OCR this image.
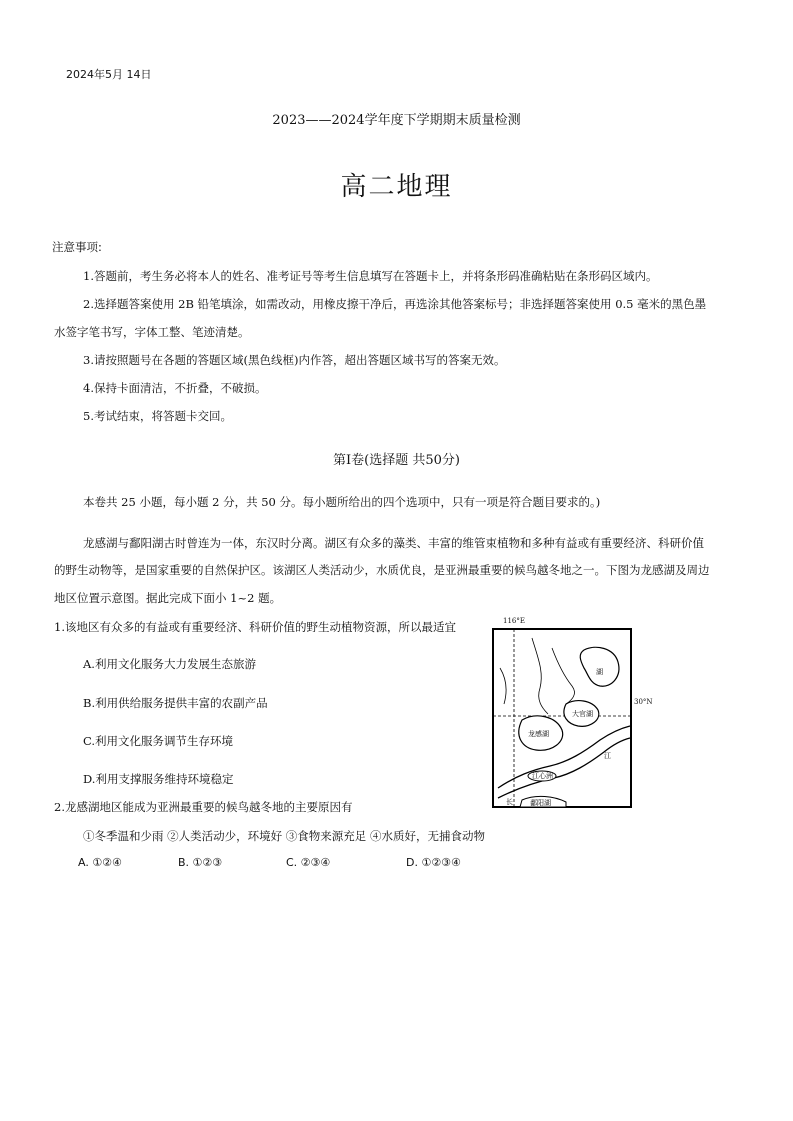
2024年5月 14日
2023——2024学年度下学期期末质量检测
高二地理
注意事项:
1.答题前，考生务必将本人的姓名、准考证号等考生信息填写在答题卡上，并将条形码准确粘贴在条形码区域内。
2.选择题答案使用 2B 铅笔填涂，如需改动，用橡皮擦干净后，再选涂其他答案标号；非选择题答案使用 0.5 毫米的黑色墨
水签字笔书写，字体工整、笔迹清楚。
3.请按照题号在各题的答题区域(黑色线框)内作答，超出答题区域书写的答案无效。
4.保持卡面清洁，不折叠，不破损。
5.考试结束，将答题卡交回。
第Ⅰ卷(选择题 共50分)
本卷共 25 小题，每小题 2 分，共 50 分。每小题所给出的四个选项中，只有一项是符合题目要求的。)
龙感湖与鄱阳湖古时曾连为一体，东汉时分离。湖区有众多的藻类、丰富的维管束植物和多种有益或有重要经济、科研价值
的野生动物等，是国家重要的自然保护区。该湖区人类活动少，水质优良，是亚洲最重要的候鸟越冬地之一。下图为龙感湖及周边
地区位置示意图。据此完成下面小 1~2 题。
1.该地区有众多的有益或有重要经济、科研价值的野生动植物资源，所以最适宜
A.利用文化服务大力发展生态旅游
B.利用供给服务提供丰富的农副产品
C.利用文化服务调节生存环境
D.利用支撑服务维持环境稳定
2.龙感湖地区能成为亚洲最重要的候鸟越冬地的主要原因有
①冬季温和少雨 ②人类活动少，环境好 ③食物来源充足 ④水质好，无捕食动物
A. ①②④	B. ①②③	C. ②③④	D. ①②③④
116°E
30°N
湖
大官湖
龙感湖
江
江心洲
长 鄱阳湖
